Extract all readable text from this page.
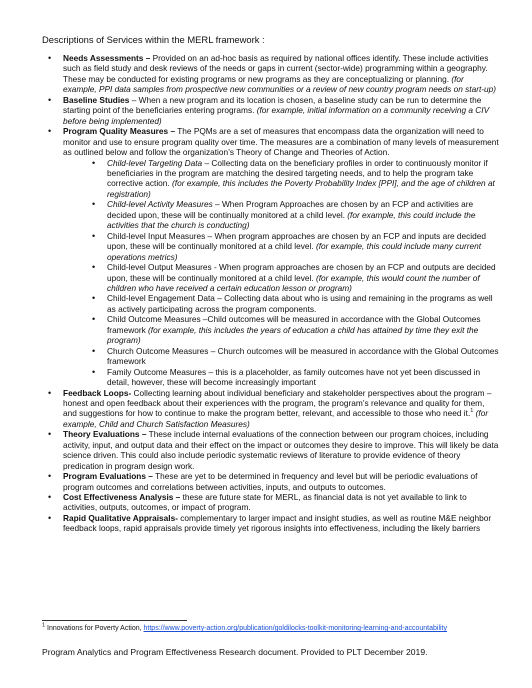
Descriptions of Services within the MERL framework :
• Needs Assessments – Provided on an ad-hoc basis as required by national offices identify. These include activities such as field study and desk reviews of the needs or gaps in current (sector-wide) programming within a geography. These may be conducted for existing programs or new programs as they are conceptualizing or planning. (for example, PPI data samples from prospective new communities or a review of new country program needs on start-up)
• Baseline Studies – When a new program and its location is chosen, a baseline study can be run to determine the starting point of the beneficiaries entering programs. (for example, initial information on a community receiving a CIV before being implemented)
• Program Quality Measures – The PQMs are a set of measures that encompass data the organization will need to monitor and use to ensure program quality over time. The measures are a combination of many levels of measurement as outlined below and follow the organization’s Theory of Change and Theories of Action.
• Child-level Targeting Data – Collecting data on the beneficiary profiles in order to continuously monitor if beneficiaries in the program are matching the desired targeting needs, and to help the program take corrective action. (for example, this includes the Poverty Probability Index [PPI], and the age of children at registration)
• Child-level Activity Measures – When Program Approaches are chosen by an FCP and activities are decided upon, these will be continually monitored at a child level. (for example, this could include the activities that the church is conducting)
• Child-level Input Measures – When program approaches are chosen by an FCP and inputs are decided upon, these will be continually monitored at a child level. (for example, this could include many current operations metrics)
• Child-level Output Measures - When program approaches are chosen by an FCP and outputs are decided upon, these will be continually monitored at a child level. (for example, this would count the number of children who have received a certain education lesson or program)
• Child-level Engagement Data – Collecting data about who is using and remaining in the programs as well as actively participating across the program components.
• Child Outcome Measures –Child outcomes will be measured in accordance with the Global Outcomes framework (for example, this includes the years of education a child has attained by time they exit the program)
• Church Outcome Measures – Church outcomes will be measured in accordance with the Global Outcomes framework
• Family Outcome Measures – this is a placeholder, as family outcomes have not yet been discussed in detail, however, these will become increasingly important
• Feedback Loops- Collecting learning about individual beneficiary and stakeholder perspectives about the program – honest and open feedback about their experiences with the program, the program’s relevance and quality for them, and suggestions for how to continue to make the program better, relevant, and accessible to those who need it.$^1$ (for example, Child and Church Satisfaction Measures)
• Theory Evaluations – These include internal evaluations of the connection between our program choices, including activity, input, and output data and their effect on the impact or outcomes they desire to improve. This will likely be data science driven. This could also include periodic systematic reviews of literature to provide evidence of theory predication in program design work.
• Program Evaluations – These are yet to be determined in frequency and level but will be periodic evaluations of program outcomes and correlations between activities, inputs, and outputs to outcomes.
• Cost Effectiveness Analysis – these are future state for MERL, as financial data is not yet available to link to activities, outputs, outcomes, or impact of program.
• Rapid Qualitative Appraisals- complementary to larger impact and insight studies, as well as routine M&E neighbor feedback loops, rapid appraisals provide timely yet rigorous insights into effectiveness, including the likely barriers
$^1$ Innovations for Poverty Action, https://www.poverty-action.org/publication/goldilocks-toolkit-monitoring-learning-and-accountability
Program Analytics and Program Effectiveness Research document. Provided to PLT December 2019.
